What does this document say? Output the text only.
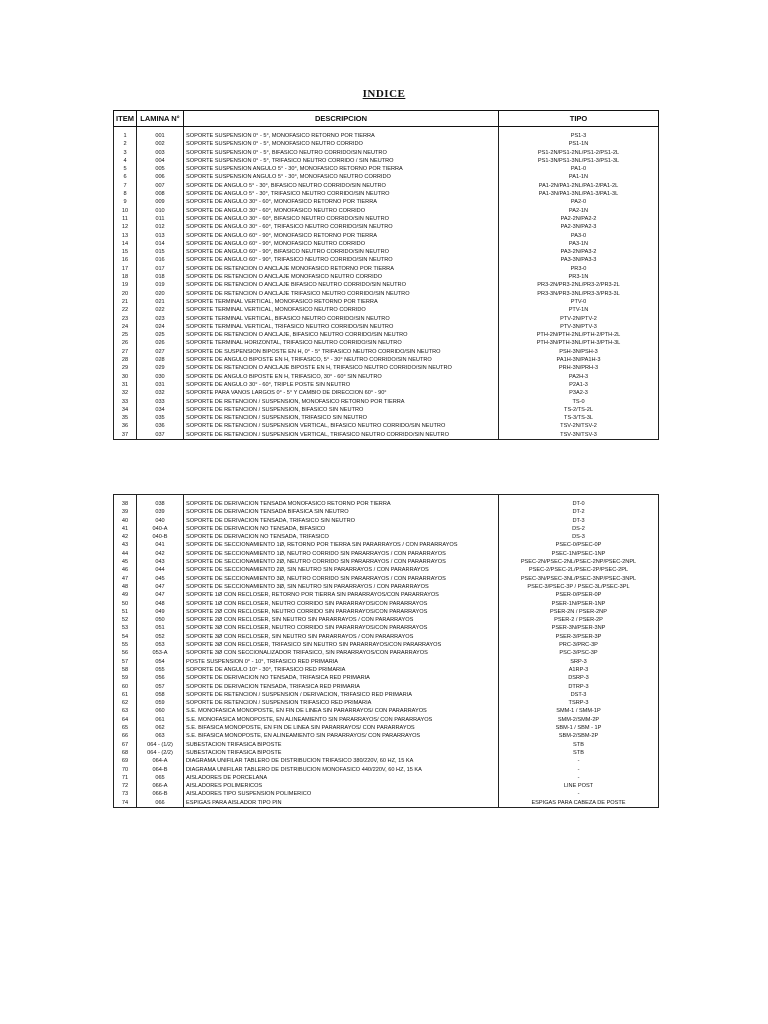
INDICE
ITEM	LAMINA N°	DESCRIPCION	TIPO

1	001	SOPORTE SUSPENSION 0° - 5°, MONOFASICO RETORNO POR TIERRA	PS1-3
2	002	SOPORTE SUSPENSION 0° - 5°, MONOFASICO NEUTRO CORRIDO	PS1-1N
3	003	SOPORTE SUSPENSION 0° - 5°, BIFASICO NEUTRO CORRIDO/SIN NEUTRO	PS1-2N/PS1-2NL/PS1-2/PS1-2L
4	004	SOPORTE SUSPENSION 0° - 5°, TRIFASICO NEUTRO CORRIDO / SIN NEUTRO	PS1-3N/PS1-3NL/PS1-3/PS1-3L
5	005	SOPORTE SUSPENSION ANGULO 5° - 30°, MONOFASICO RETORNO POR TIERRA	PA1-0
6	006	SOPORTE SUSPENSION ANGULO 5° - 30°, MONOFASICO NEUTRO CORRIDO	PA1-1N
7	007	SOPORTE DE ANGULO 5° - 30°, BIFASICO NEUTRO CORRIDO/SIN NEUTRO	PA1-2N/PA1-2NL/PA1-2/PA1-2L
8	008	SOPORTE DE ANGULO 5° - 30°, TRIFASICO NEUTRO CORRIDO/SIN NEUTRO	PA1-3N/PA1-3NL/PA1-3/PA1-3L
9	009	SOPORTE DE ANGULO 30° - 60°, MONOFASICO RETORNO POR TIERRA	PA2-0
10	010	SOPORTE DE ANGULO 30° - 60°, MONOFASICO NEUTRO CORRIDO	PA2-1N
11	011	SOPORTE DE ANGULO 30° - 60°, BIFASICO NEUTRO CORRIDO/SIN NEUTRO	PA2-2N/PA2-2
12	012	SOPORTE DE ANGULO 30° - 60°, TRIFASICO NEUTRO CORRIDO/SIN NEUTRO	PA2-3N/PA2-3
13	013	SOPORTE DE ANGULO 60° - 90°, MONOFASICO RETORNO POR TIERRA	PA3-0
14	014	SOPORTE DE ANGULO 60° - 90°, MONOFASICO NEUTRO CORRIDO	PA3-1N
15	015	SOPORTE DE ANGULO 60° - 90°, BIFASICO NEUTRO CORRIDO/SIN NEUTRO	PA3-2N/PA3-2
16	016	SOPORTE DE ANGULO 60° - 90°, TRIFASICO NEUTRO CORRIDO/SIN NEUTRO	PA3-3N/PA3-3
17	017	SOPORTE DE RETENCION O ANCLAJE MONOFASICO RETORNO POR TIERRA	PR3-0
18	018	SOPORTE DE RETENCION O ANCLAJE MONOFASICO NEUTRO CORRIDO	PR3-1N
19	019	SOPORTE DE RETENCION O ANCLAJE BIFASICO NEUTRO CORRIDO/SIN NEUTRO	PR3-2N/PR3-2NL/PR3-2/PR3-2L
20	020	SOPORTE DE RETENCION O ANCLAJE TRIFASICO NEUTRO CORRIDO/SIN NEUTRO	PR3-3N/PR3-3NL/PR3-3/PR3-3L
21	021	SOPORTE TERMINAL VERTICAL, MONOFASICO RETORNO POR TIERRA	PTV-0
22	022	SOPORTE TERMINAL VERTICAL, MONOFASICO NEUTRO CORRIDO	PTV-1N
23	023	SOPORTE TERMINAL VERTICAL, BIFASICO NEUTRO CORRIDO/SIN NEUTRO	PTV-2N/PTV-2
24	024	SOPORTE TERMINAL VERTICAL, TRIFASICO NEUTRO CORRIDO/SIN NEUTRO	PTV-3N/PTV-3
25	025	SOPORTE DE RETENCION O ANCLAJE, BIFASICO NEUTRO CORRIDO/SIN NEUTRO	PTH-2N/PTH-2NL/PTH-2/PTH-2L
26	026	SOPORTE TERMINAL HORIZONTAL, TRIFASICO NEUTRO CORRIDO/SIN NEUTRO	PTH-3N/PTH-3NL/PTH-3/PTH-3L
27	027	SOPORTE DE SUSPENSION BIPOSTE EN H, 0° - 5° TRIFASICO NEUTRO CORRIDO/SIN NEUTRO	PSH-3N/PSH-3
28	028	SOPORTE DE ANGULO BIPOSTE EN H, TRIFASICO, 5° - 30° NEUTRO CORRIDO/SIN NEUTRO	PA1H-3N/PA1H-3
29	029	SOPORTE DE RETENCION O ANCLAJE BIPOSTE EN H, TRIFASICO NEUTRO CORRIDO/SIN NEUTRO	PRH-3N/PRH-3
30	030	SOPORTE DE ANGULO BIPOSTE EN H, TRIFASICO, 30° - 60° SIN NEUTRO	PA2H-3
31	031	SOPORTE DE ANGULO 30° - 60°, TRIPLE POSTE SIN NEUTRO	P2A1-3
32	032	SOPORTE PARA VANOS LARGOS 0° - 5° Y CAMBIO DE DIRECCION 60° - 90°	P3A2-3
33	033	SOPORTE DE RETENCION / SUSPENSION, MONOFASICO RETORNO POR TIERRA	TS-0
34	034	SOPORTE DE RETENCION / SUSPENSION, BIFASICO SIN NEUTRO	TS-2/TS-2L
35	035	SOPORTE DE RETENCION / SUSPENSION, TRIFASICO SIN NEUTRO	TS-3/TS-3L
36	036	SOPORTE DE RETENCION / SUSPENSION VERTICAL, BIFASICO NEUTRO CORRIDO/SIN NEUTRO	TSV-2N/TSV-2
37	037	SOPORTE DE RETENCION / SUSPENSION VERTICAL, TRIFASICO NEUTRO CORRIDO/SIN NEUTRO	TSV-3N/TSV-3

38	038	SOPORTE DE DERIVACION TENSADA MONOFASICO RETORNO POR TIERRA	DT-0
39	039	SOPORTE DE DERIVACION TENSADA BIFASICA SIN NEUTRO	DT-2
40	040	SOPORTE DE DERIVACION TENSADA, TRIFASICO SIN NEUTRO	DT-3
41	040-A	SOPORTE DE DERIVACION NO TENSADA, BIFASICO	DS-2
42	040-B	SOPORTE DE DERIVACION NO TENSADA, TRIFASICO	DS-3
43	041	SOPORTE DE SECCIONAMIENTO 1Ø, RETORNO POR TIERRA SIN PARARRAYOS / CON PARARRAYOS	PSEC-0/PSEC-0P
44	042	SOPORTE DE SECCIONAMIENTO 1Ø, NEUTRO CORRIDO SIN PARARRAYOS / CON PARARRAYOS	PSEC-1N/PSEC-1NP
45	043	SOPORTE DE SECCIONAMIENTO 2Ø, NEUTRO CORRIDO SIN PARARRAYOS / CON PARARRAYOS	PSEC-2N/PSEC-2NL/PSEC-2NP/PSEC-2NPL
46	044	SOPORTE DE SECCIONAMIENTO 2Ø, SIN NEUTRO SIN PARARRAYOS / CON PARARRAYOS	PSEC-2/PSEC-2L/PSEC-2P/PSEC-2PL
47	045	SOPORTE DE SECCIONAMIENTO 3Ø, NEUTRO CORRIDO SIN PARARRAYOS / CON PARARRAYOS	PSEC-3N/PSEC-3NL/PSEC-3NP/PSEC-3NPL
48	047	SOPORTE DE SECCIONAMIENTO 3Ø, SIN NEUTRO SIN PARARRAYOS / CON PARARRAYOS	PSEC-3/PSEC-3P / PSEC-3L/PSEC-3PL
49	047	SOPORTE 1Ø CON RECLOSER, RETORNO POR TIERRA SIN PARARRAYOS/CON PARARRAYOS	PSER-0/PSER-0P
50	048	SOPORTE 1Ø CON RECLOSER, NEUTRO CORRIDO SIN PARARRAYOS/CON PARARRAYOS	PSER-1N/PSER-1NP
51	049	SOPORTE 2Ø CON RECLOSER, NEUTRO CORRIDO SIN PARARRAYOS/CON PARARRAYOS	PSER-2N / PSER-2NP
52	050	SOPORTE 2Ø CON RECLOSER, SIN NEUTRO SIN PARARRAYOS / CON PARARRAYOS	PSER-2 / PSER-2P
53	051	SOPORTE 3Ø CON RECLOSER, NEUTRO CORRIDO SIN PARARRAYOS/CON PARARRAYOS	PSER-3N/PSER-3NP
54	052	SOPORTE 3Ø CON RECLOSER, SIN NEUTRO SIN PARARRAYOS / CON PARARRAYOS	PSER-3/PSER-3P
55	053	SOPORTE 3Ø CON RECLOSER, TRIFASICO SIN NEUTRO SIN PARARRAYOS/CON PARARRAYOS	PRC-3/PRC-3P
56	053-A	SOPORTE 3Ø CON SECCIONALIZADOR TRIFASICO, SIN PARARRAYOS/CON PARARRAYOS	PSC-3/PSC-3P
57	054	POSTE SUSPENSION 0° - 10°, TRIFASICO RED PRIMARIA	SRP-3
58	055	SOPORTE DE ANGULO 10° - 30°, TRIFASICO RED PRIMARIA	A1RP-3
59	056	SOPORTE DE DERIVACION NO TENSADA, TRIFASICA RED PRIMARIA	DSRP-3
60	057	SOPORTE DE DERIVACION TENSADA, TRIFASICA RED PRIMARIA	DTRP-3
61	058	SOPORTE DE RETENCION / SUSPENSION / DERIVACION, TRIFASICO RED PRIMARIA	DST-3
62	059	SOPORTE DE RETENCION / SUSPENSION TRIFASICO RED PRIMARIA	TSRP-3
63	060	S.E. MONOFASICA MONOPOSTE, EN FIN DE LINEA SIN PARARRAYOS/ CON PARARRAYOS	SMM-1 / SMM-1P
64	061	S.E. MONOFASICA MONOPOSTE, EN ALINEAMIENTO SIN PARARRAYOS/ CON PARARRAYOS	SMM-2/SMM-2P
65	062	S.E. BIFASICA MONOPOSTE, EN FIN DE LINEA SIN PARARRAYOS/ CON PARARRAYOS	SBM-1 / SBM - 1P
66	063	S.E. BIFASICA MONOPOSTE, EN ALINEAMIENTO SIN PARARRAYOS/ CON PARARRAYOS	SBM-2/SBM-2P
67	064 - (1/2)	SUBESTACION TRIFASICA BIPOSTE	STB
68	064 - (2/2)	SUBESTACION TRIFASICA BIPOSTE	STB
69	064-A	DIAGRAMA UNIFILAR TABLERO DE DISTRIBUCION TRIFASICO 380/220V, 60 HZ, 15 KA	-
70	064-B	DIAGRAMA UNIFILAR TABLERO DE DISTRIBUCION MONOFASICO 440/220V, 60 HZ, 15 KA	-
71	065	AISLADORES DE PORCELANA	-
72	066-A	AISLADORES POLIMERICOS	LINE POST
73	066-B	AISLADORES TIPO SUSPENSION POLIMERICO	-
74	066	ESPIGAS PARA AISLADOR TIPO PIN	ESPIGAS PARA CABEZA DE POSTE
